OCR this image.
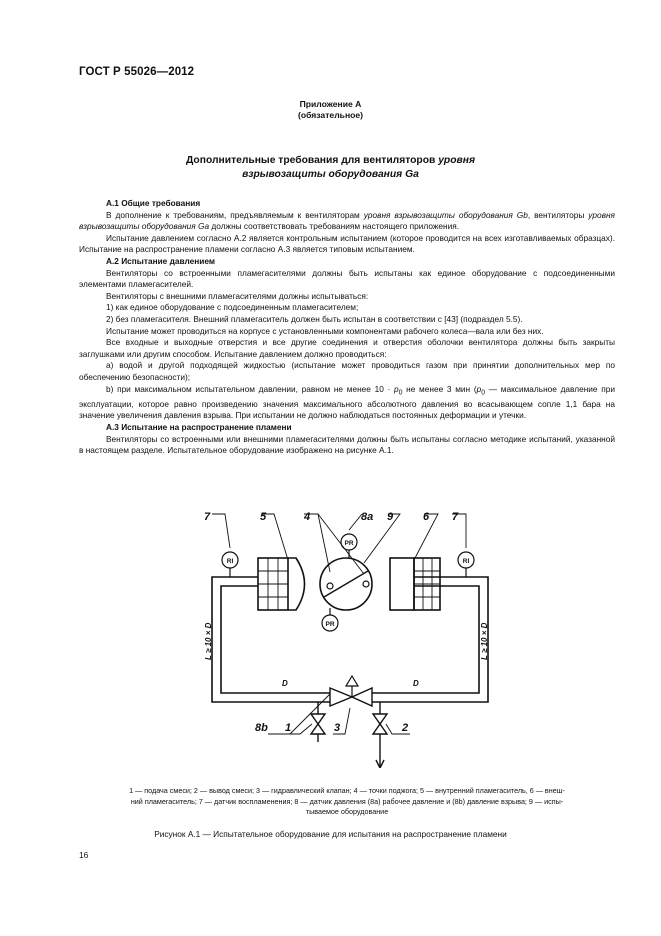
ГОСТ Р 55026—2012
Приложение А
(обязательное)
Дополнительные требования для вентиляторов уровня
взрывозащиты оборудования Ga

А.1 Общие требования

В дополнение к требованиям, предъявляемым к вентиляторам уровня взрывозащиты оборудования Gb, вентиляторы уровня взрывозащиты оборудования Ga должны соответствовать требованиям настоящего приложения.

Испытание давлением согласно А.2 является контрольным испытанием (которое проводится на всех изготавливаемых образцах). Испытание на распространение пламени согласно А.3 является типовым испытанием.

А.2 Испытание давлением

Вентиляторы со встроенными пламегасителями должны быть испытаны как единое оборудование с подсоединенными элементами пламегасителей.

Вентиляторы с внешними пламегасителями должны испытываться:

1) как единое оборудование с подсоединенным пламегасителем;

2) без пламегасителя. Внешний пламегаситель должен быть испытан в соответствии с [43] (подраздел 5.5).

Испытание может проводиться на корпусе с установленными компонентами рабочего колеса—вала или без них.

Все входные и выходные отверстия и все другие соединения и отверстия оболочки вентилятора должны быть закрыты заглушками или другим способом. Испытание давлением должно проводиться:

а) водой и другой подходящей жидкостью (испытание может проводиться газом при принятии дополнительных мер по обеспечению безопасности);

b) при максимальном испытательном давлении, равном не менее $10 \cdot p_0$ не менее 3 мин ($p_0$ — максимальное давление при эксплуатации, которое равно произведению значения максимального абсолютного давления во всасывающем сопле 1,1 бара на значение увеличения давления взрыва. При испытании не должно наблюдаться постоянных деформации и утечки.

А.3 Испытание на распространение пламени

Вентиляторы со встроенными или внешними пламегасителями должны быть испытаны согласно методике испытаний, указанной в настоящем разделе. Испытательное оборудование изображено на рисунке А.1.

7	5	4	8a 9	6 7
8b 1	3	2
RI	RI
PR
PR
D	D
L ≥ 10 × D	L ≥ 10 × D
1 — подача смеси; 2 — вывод смеси; 3 — гидравлический клапан; 4 — точки поджога; 5 — внутренний пламегаситель, 6 — внеш-
ний пламегаситель; 7 — датчик воспламенения; 8 — датчик давления (8а) рабочее давление и (8b) давление взрыва; 9 — испы-
тываемое оборудование
Рисунок А.1 — Испытательное оборудование для испытания на распространение пламени
16
